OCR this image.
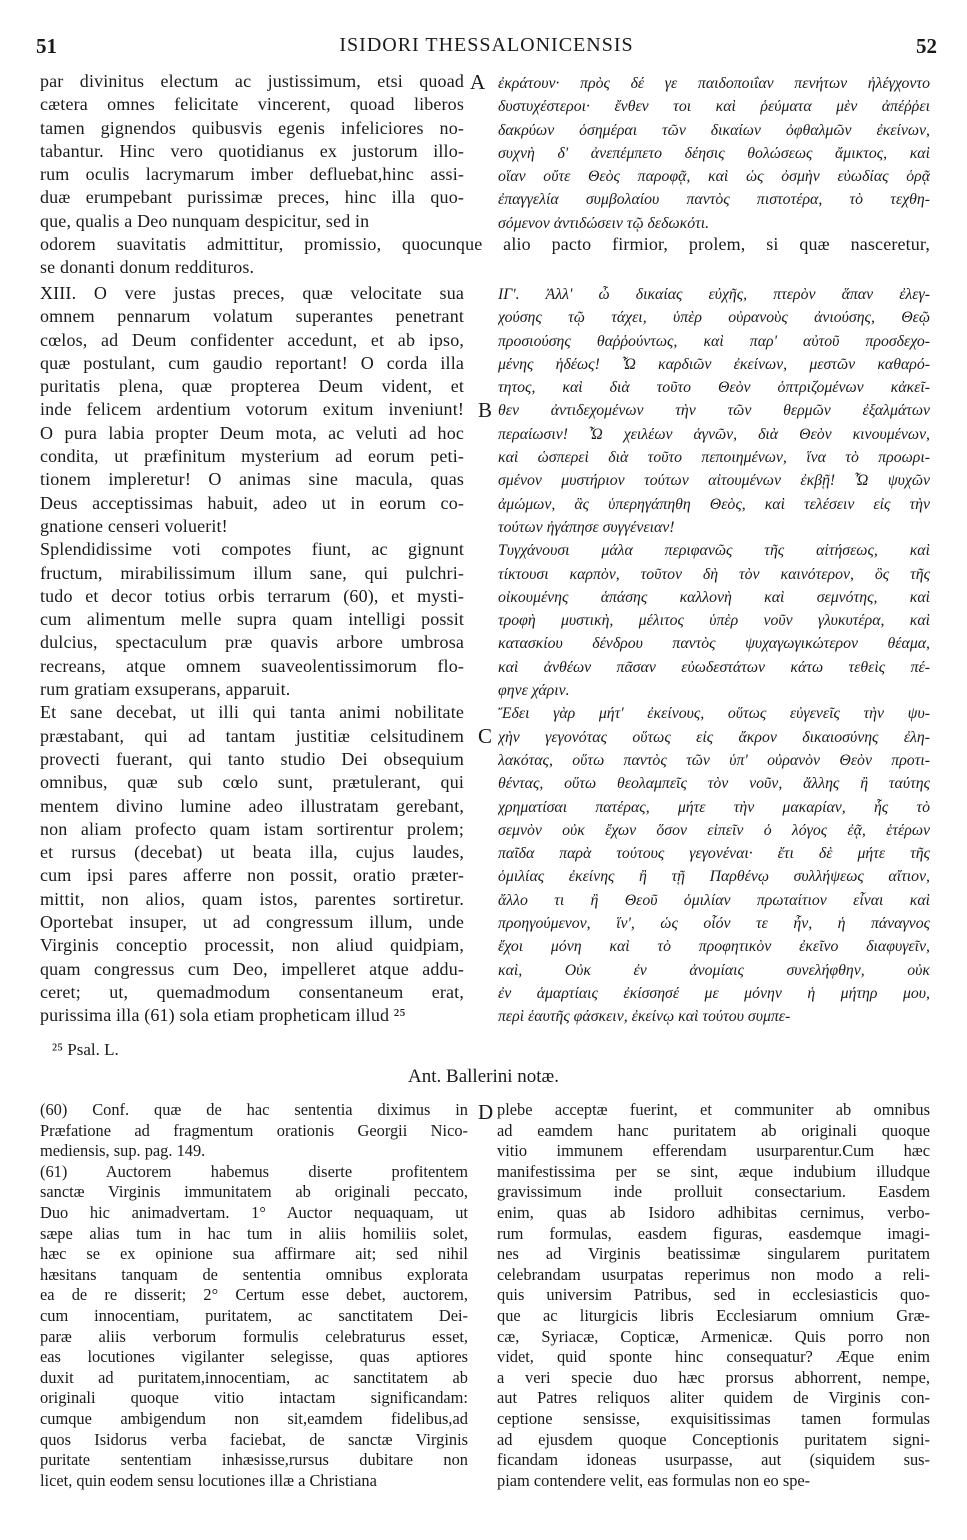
51	ISIDORI THESSALONICENSIS	52
par divinitus electum ac justissimum, etsi quoad
cætera omnes felicitate vincerent, quoad liberos
tamen gignendos quibusvis egenis infeliciores no-
tabantur. Hinc vero quotidianus ex justorum illo-
rum oculis lacrymarum imber defluebat,hinc assi-
duæ erumpebant purissimæ preces, hinc illa quo-
que, qualis a Deo nunquam despicitur, sed in
ἐκράτουν· πρὸς δέ γε παιδοποιΐαν πενήτων ἠλέγχοντο
δυστυχέστεροι· ἔνθεν τοι καὶ ῥεύματα μὲν ἀπέῤῥει
δακρύων ὁσημέραι τῶν δικαίων ὀφθαλμῶν ἐκείνων,
συχνὴ δ' ἀνεπέμπετο δέησις θολώσεως ἄμικτος, καὶ
οἵαν οὔτε Θεὸς παροφᾷ, καὶ ὡς ὀσμὴν εὐωδίας ὁρᾷ
ἐπαγγελία συμβολαίου παντὸς πιστοτέρα, τὸ τεχθη-
σόμενον ἀντιδώσειν τῷ δεδωκότι.
odorem suavitatis admittitur, promissio, quocunque alio pacto firmior, prolem, si quæ nasceretur,
se donanti donum reddituros.
XIII. O vere justas preces, quæ velocitate sua
omnem pennarum volatum superantes penetrant
cœlos, ad Deum confidenter accedunt, et ab ipso,
quæ postulant, cum gaudio reportant! O corda illa
puritatis plena, quæ propterea Deum vident, et
inde felicem ardentium votorum exitum inveniunt!
O pura labia propter Deum mota, ac veluti ad hoc
condita, ut præfinitum mysterium ad eorum peti-
tionem impleretur! O animas sine macula, quas
Deus acceptissimas habuit, adeo ut in eorum co-
gnatione censeri voluerit!
Splendidissime voti compotes fiunt, ac gignunt
fructum, mirabilissimum illum sane, qui pulchri-
tudo et decor totius orbis terrarum (60), et mysti-
cum alimentum melle supra quam intelligi possit
dulcius, spectaculum præ quavis arbore umbrosa
recreans, atque omnem suaveolentissimorum flo-
rum gratiam exsuperans, apparuit.
Et sane decebat, ut illi qui tanta animi nobilitate
præstabant, qui ad tantam justitiæ celsitudinem
provecti fuerant, qui tanto studio Dei obsequium
omnibus, quæ sub cœlo sunt, prætulerant, qui
mentem divino lumine adeo illustratam gerebant,
non aliam profecto quam istam sortirentur prolem;
et rursus (decebat) ut beata illa, cujus laudes,
cum ipsi pares afferre non possit, oratio præter-
mittit, non alios, quam istos, parentes sortiretur.
Oportebat insuper, ut ad congressum illum, unde
Virginis conceptio processit, non aliud quidpiam,
quam congressus cum Deo, impelleret atque addu-
ceret; ut, quemadmodum consentaneum erat,
purissima illa (61) sola etiam propheticam illud ²⁵
ΙΓʹ. Ἀλλ' ὦ δικαίας εὐχῆς, πτερὸν ἅπαν ἐλεγ-
χούσης τῷ τάχει, ὑπὲρ οὐρανοὺς ἀνιούσης, Θεῷ
προσιούσης θαῤῥούντως, καὶ παρ' αὐτοῦ προσδεχο-
μένης ἡδέως! Ὦ καρδιῶν ἐκείνων, μεστῶν καθαρό-
τητος, καὶ διὰ τοῦτο Θεὸν ὁπτριζομένων κἀκεῖ-
θεν ἀντιδεχομένων τὴν τῶν θερμῶν ἐξαλμάτων
περαίωσιν! Ὦ χειλέων ἁγνῶν, διὰ Θεὸν κινουμένων,
καὶ ὡσπερεὶ διὰ τοῦτο πεποιημένων, ἵνα τὸ προωρι-
σμένον μυστήριον τούτων αἰτουμένων ἐκβῇ! Ὦ ψυχῶν
ἀμώμων, ἃς ὑπερηγάπηθη Θεὸς, καὶ τελέσειν εἰς τὴν
τούτων ἠγάπησε συγγένειαν!
Τυγχάνουσι μάλα περιφανῶς τῆς αἰτήσεως, καὶ
τίκτουσι καρπὸν, τοῦτον δὴ τὸν καινότερον, ὃς τῆς
οἰκουμένης ἁπάσης καλλονὴ καὶ σεμνότης, καὶ
τροφὴ μυστικὴ, μέλιτος ὑπὲρ νοῦν γλυκυτέρα, καὶ
κατασκίου δένδρου παντὸς ψυχαγωγικώτερον θέαμα,
καὶ ἀνθέων πᾶσαν εὐωδεστάτων κάτω τεθεὶς πέ-
φηνε χάριν.
Ἔδει γὰρ μήτ' ἐκείνους, οὕτως εὐγενεῖς τὴν ψυ-
χὴν γεγονότας οὕτως εἰς ἄκρον δικαιοσύνης ἐλη-
λακότας, οὕτω παντὸς τῶν ὑπ' οὐρανὸν Θεὸν προτι-
θέντας, οὕτω θεολαμπεῖς τὸν νοῦν, ἄλλης ἢ ταύτης
χρηματίσαι πατέρας, μήτε τὴν μακαρίαν, ἧς τὸ
σεμνὸν οὐκ ἔχων ὅσον εἰπεῖν ὁ λόγος ἐᾷ, ἑτέρων
παῖδα παρὰ τούτους γεγονέναι· ἔτι δὲ μήτε τῆς
ὁμιλίας ἐκείνης ἢ τῇ Παρθένῳ συλλήψεως αἴτιον,
ἄλλο τι ἢ Θεοῦ ὁμιλίαν πρωταίτιον εἶναι καὶ
προηγούμενον, ἵν', ὡς οἷόν τε ἦν, ἡ πάναγνος
ἔχοι μόνη καὶ τὸ προφητικὸν ἐκεῖνο διαφυγεῖν,
καὶ, Οὐκ ἐν ἀνομίαις συνελήφθην, οὐκ
ἐν ἁμαρτίαις ἐκίσσησέ με μόνην ἡ μήτηρ μου,
περὶ ἑαυτῆς φάσκειν, ἐκείνῳ καὶ τούτου συμπε-
A
B
C
D
²⁵ Psal. L.
Ant. Ballerini notæ.
(60) Conf. quæ de hac sententia diximus in
Præfatione ad fragmentum orationis Georgii Nico-
mediensis, sup. pag. 149.
(61) Auctorem habemus diserte profitentem
sanctæ Virginis immunitatem ab originali peccato,
Duo hic animadvertam. 1° Auctor nequaquam, ut
sæpe alias tum in hac tum in aliis homiliis solet,
hæc se ex opinione sua affirmare ait; sed nihil
hæsitans tanquam de sententia omnibus explorata
ea de re disserit; 2° Certum esse debet, auctorem,
cum innocentiam, puritatem, ac sanctitatem Dei-
paræ aliis verborum formulis celebraturus esset,
eas locutiones vigilanter selegisse, quas aptiores
duxit ad puritatem,innocentiam, ac sanctitatem ab
originali quoque vitio intactam significandam:
cumque ambigendum non sit,eamdem fidelibus,ad
quos Isidorus verba faciebat, de sanctæ Virginis
puritate sententiam inhæsisse,rursus dubitare non
licet, quin eodem sensu locutiones illæ a Christiana
plebe acceptæ fuerint, et communiter ab omnibus
ad eamdem hanc puritatem ab originali quoque
vitio immunem efferendam usurparentur.Cum hæc
manifestissima per se sint, æque indubium illudque
gravissimum inde prolluit consectarium. Easdem
enim, quas ab Isidoro adhibitas cernimus, verbo-
rum formulas, easdem figuras, easdemque imagi-
nes ad Virginis beatissimæ singularem puritatem
celebrandam usurpatas reperimus non modo a reli-
quis universim Patribus, sed in ecclesiasticis quo-
que ac liturgicis libris Ecclesiarum omnium Græ-
cæ, Syriacæ, Copticæ, Armenicæ. Quis porro non
videt, quid sponte hinc consequatur? Æque enim
a veri specie duo hæc prorsus abhorrent, nempe,
aut Patres reliquos aliter quidem de Virginis con-
ceptione sensisse, exquisitissimas tamen formulas
ad ejusdem quoque Conceptionis puritatem signi-
ficandam idoneas usurpasse, aut (siquidem sus-
piam contendere velit, eas formulas non eo spe-
